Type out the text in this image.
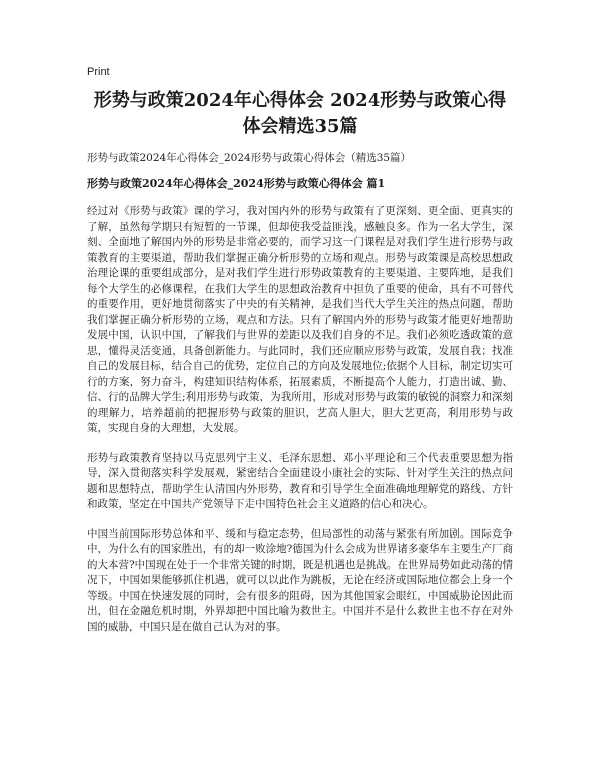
Print
形势与政策2024年心得体会 2024形势与政策心得体会精选35篇
形势与政策2024年心得体会_2024形势与政策心得体会（精选35篇）
形势与政策2024年心得体会_2024形势与政策心得体会 篇1
经过对《形势与政策》课的学习，我对国内外的形势与政策有了更深刻、更全面、更真实的了解，虽然每学期只有短暂的一节课，但却使我受益匪浅，感触良多。作为一名大学生，深刻、全面地了解国内外的形势是非常必要的，而学习这一门课程是对我们学生进行形势与政策教育的主要渠道，帮助我们掌握正确分析形势的立场和观点。形势与政策课是高校思想政治理论课的重要组成部分，是对我们学生进行形势政策教育的主要渠道、主要阵地，是我们每个大学生的必修课程，在我们大学生的思想政治教育中担负了重要的使命，具有不可替代的重要作用，更好地贯彻落实了中央的有关精神，是我们当代大学生关注的热点问题，帮助我们掌握正确分析形势的立场，观点和方法。只有了解国内外的形势与政策才能更好地帮助发展中国，认识中国，了解我们与世界的差距以及我们自身的不足。我们必须吃透政策的意思，懂得灵活变通，具备创新能力。与此同时，我们还应顺应形势与政策，发展自我；找准自己的发展目标，结合自己的优势，定位自己的方向及发展地位;依据个人目标，制定切实可行的方案，努力奋斗，构建知识结构体系，拓展素质，不断提高个人能力，打造出诚、勤、信、行的品牌大学生;利用形势与政策，为我所用，形成对形势与政策的敏锐的洞察力和深刻的理解力，培养超前的把握形势与政策的胆识，艺高人胆大，胆大艺更高，利用形势与政策，实现自身的大理想，大发展。
形势与政策教育坚持以马克思列宁主义、毛泽东思想、邓小平理论和三个代表重要思想为指导，深入贯彻落实科学发展观，紧密结合全面建设小康社会的实际、针对学生关注的热点问题和思想特点，帮助学生认清国内外形势，教育和引导学生全面准确地理解党的路线、方针和政策，坚定在中国共产党领导下走中国特色社会主义道路的信心和决心。
中国当前国际形势总体和平、缓和与稳定态势，但局部性的动荡与紧张有所加剧。国际竞争中，为什么有的国家胜出，有的却一败涂地?德国为什么会成为世界诸多豪华车主要生产厂商的大本营?中国现在处于一个非常关键的时期，既是机遇也是挑战。在世界局势如此动荡的情况下，中国如果能够抓住机遇，就可以以此作为跳板，无论在经济或国际地位都会上身一个等级。中国在快速发展的同时，会有很多的阻碍，因为其他国家会眼红，中国威胁论因此而出，但在金融危机时期，外界却把中国比喻为救世主。中国并不是什么救世主也不存在对外国的威胁，中国只是在做自己认为对的事。
